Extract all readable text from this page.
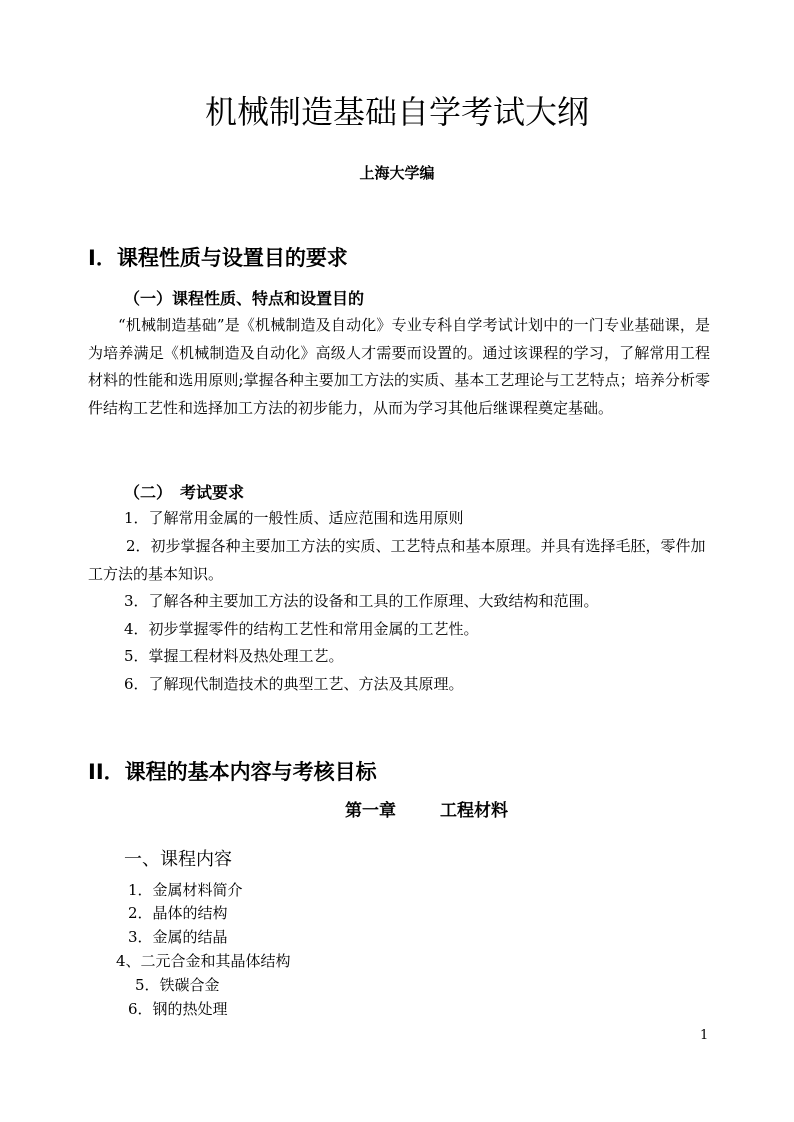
机械制造基础自学考试大纲
上海大学编
I．课程性质与设置目的要求
（一）课程性质、特点和设置目的

“机械制造基础”是《机械制造及自动化》专业专科自学考试计划中的一门专业基础课，是为培养满足《机械制造及自动化》高级人才需要而设置的。通过该课程的学习，了解常用工程材料的性能和选用原则;掌握各种主要加工方法的实质、基本工艺理论与工艺特点；培养分析零件结构工艺性和选择加工方法的初步能力，从而为学习其他后继课程奠定基础。

（二）　考试要求
1．了解常用金属的一般性质、适应范围和选用原则
2．初步掌握各种主要加工方法的实质、工艺特点和基本原理。并具有选择毛胚，零件加工方法的基本知识。
3．了解各种主要加工方法的设备和工具的工作原理、大致结构和范围。
4．初步掌握零件的结构工艺性和常用金属的工艺性。
5．掌握工程材料及热处理工艺。
6．了解现代制造技术的典型工艺、方法及其原理。
II．课程的基本内容与考核目标
第一章	工程材料
一、课程内容
1．金属材料简介
2．晶体的结构
3．金属的结晶
4、二元合金和其晶体结构
5．铁碳合金
6．钢的热处理
1
